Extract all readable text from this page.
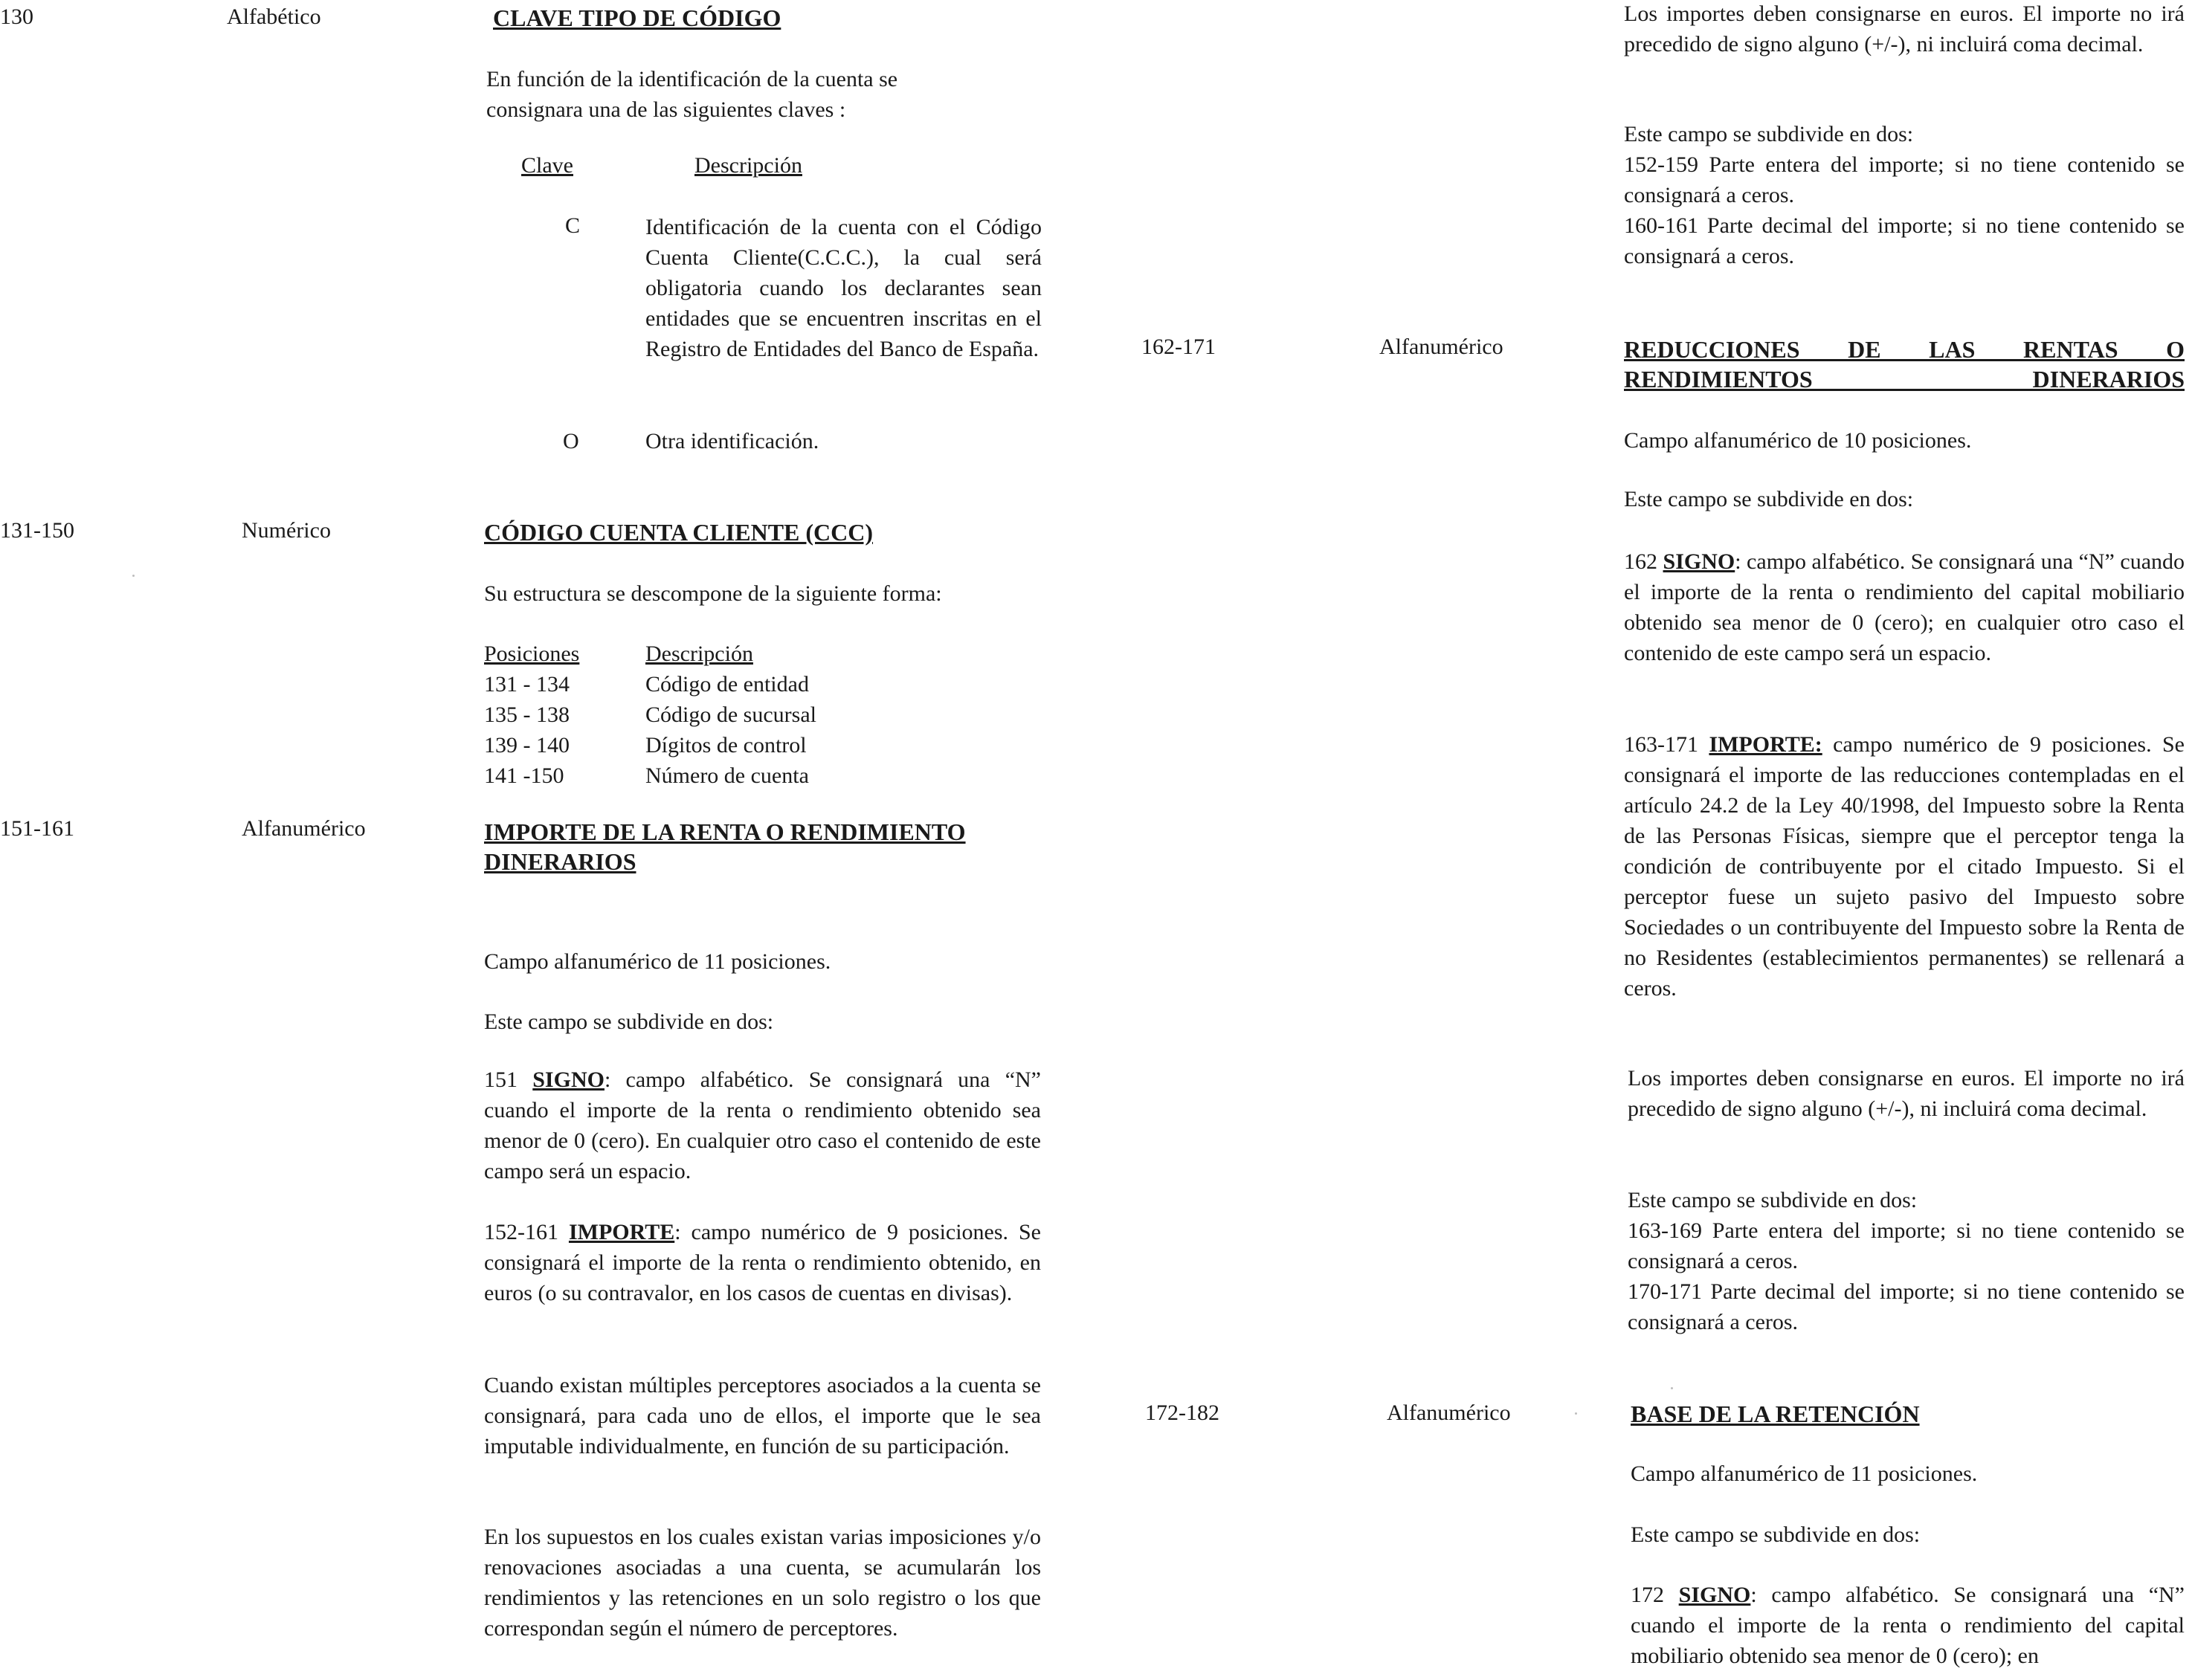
130	Alfabético	CLAVE TIPO DE CÓDIGO
En función de la identificación de la cuenta se consignara una de las siguientes claves :
Clave	Descripción
C	Identificación de la cuenta con el Código Cuenta Cliente(C.C.C.), la cual será obligatoria cuando los declarantes sean entidades que se encuentren inscritas en el Registro de Entidades del Banco de España.
O	Otra identificación.
131-150	Numérico	CÓDIGO CUENTA CLIENTE (CCC)
Su estructura se descompone de la siguiente forma:
Posiciones	Descripción
131 - 134	Código de entidad
135 - 138	Código de sucursal
139 - 140	Dígitos de control
141 -150	Número de cuenta
151-161	Alfanumérico	IMPORTE DE LA RENTA O RENDIMIENTO DINERARIOS
Campo alfanumérico de 11 posiciones.
Este campo se subdivide en dos:
151 SIGNO: campo alfabético. Se consignará una “N” cuando el importe de la renta o rendimiento obtenido sea menor de 0 (cero). En cualquier otro caso el contenido de este campo será un espacio.
152-161 IMPORTE: campo numérico de 9 posiciones. Se consignará el importe de la renta o rendimiento obtenido, en euros (o su contravalor, en los casos de cuentas en divisas).
Cuando existan múltiples perceptores asociados a la cuenta se consignará, para cada uno de ellos, el importe que le sea imputable individualmente, en función de su participación.
En los supuestos en los cuales existan varias imposiciones y/o renovaciones asociadas a una cuenta, se acumularán los rendimientos y las retenciones en un solo registro o los que correspondan según el número de perceptores.
Los importes deben consignarse en euros. El importe no irá precedido de signo alguno (+/-), ni incluirá coma decimal.
Este campo se subdivide en dos:
152-159 Parte entera del importe; si no tiene contenido se consignará a ceros.
160-161 Parte decimal del importe; si no tiene contenido se consignará a ceros.
162-171	Alfanumérico	REDUCCIONES DE LAS RENTAS O RENDIMIENTOS DINERARIOS
Campo alfanumérico de 10 posiciones.
Este campo se subdivide en dos:
162 SIGNO: campo alfabético. Se consignará una “N” cuando el importe de la renta o rendimiento del capital mobiliario obtenido sea menor de 0 (cero); en cualquier otro caso el contenido de este campo será un espacio.
163-171 IMPORTE: campo numérico de 9 posiciones. Se consignará el importe de las reducciones contempladas en el artículo 24.2 de la Ley 40/1998, del Impuesto sobre la Renta de las Personas Físicas, siempre que el perceptor tenga la condición de contribuyente por el citado Impuesto. Si el perceptor fuese un sujeto pasivo del Impuesto sobre Sociedades o un contribuyente del Impuesto sobre la Renta de no Residentes (establecimientos permanentes) se rellenará a ceros.
Los importes deben consignarse en euros. El importe no irá precedido de signo alguno (+/-), ni incluirá coma decimal.
Este campo se subdivide en dos:
163-169 Parte entera del importe; si no tiene contenido se consignará a ceros.
170-171 Parte decimal del importe; si no tiene contenido se consignará a ceros.
172-182	Alfanumérico	BASE DE LA RETENCIÓN
Campo alfanumérico de 11 posiciones.
Este campo se subdivide en dos:
172 SIGNO: campo alfabético. Se consignará una “N” cuando el importe de la renta o rendimiento del capital mobiliario obtenido sea menor de 0 (cero); en
